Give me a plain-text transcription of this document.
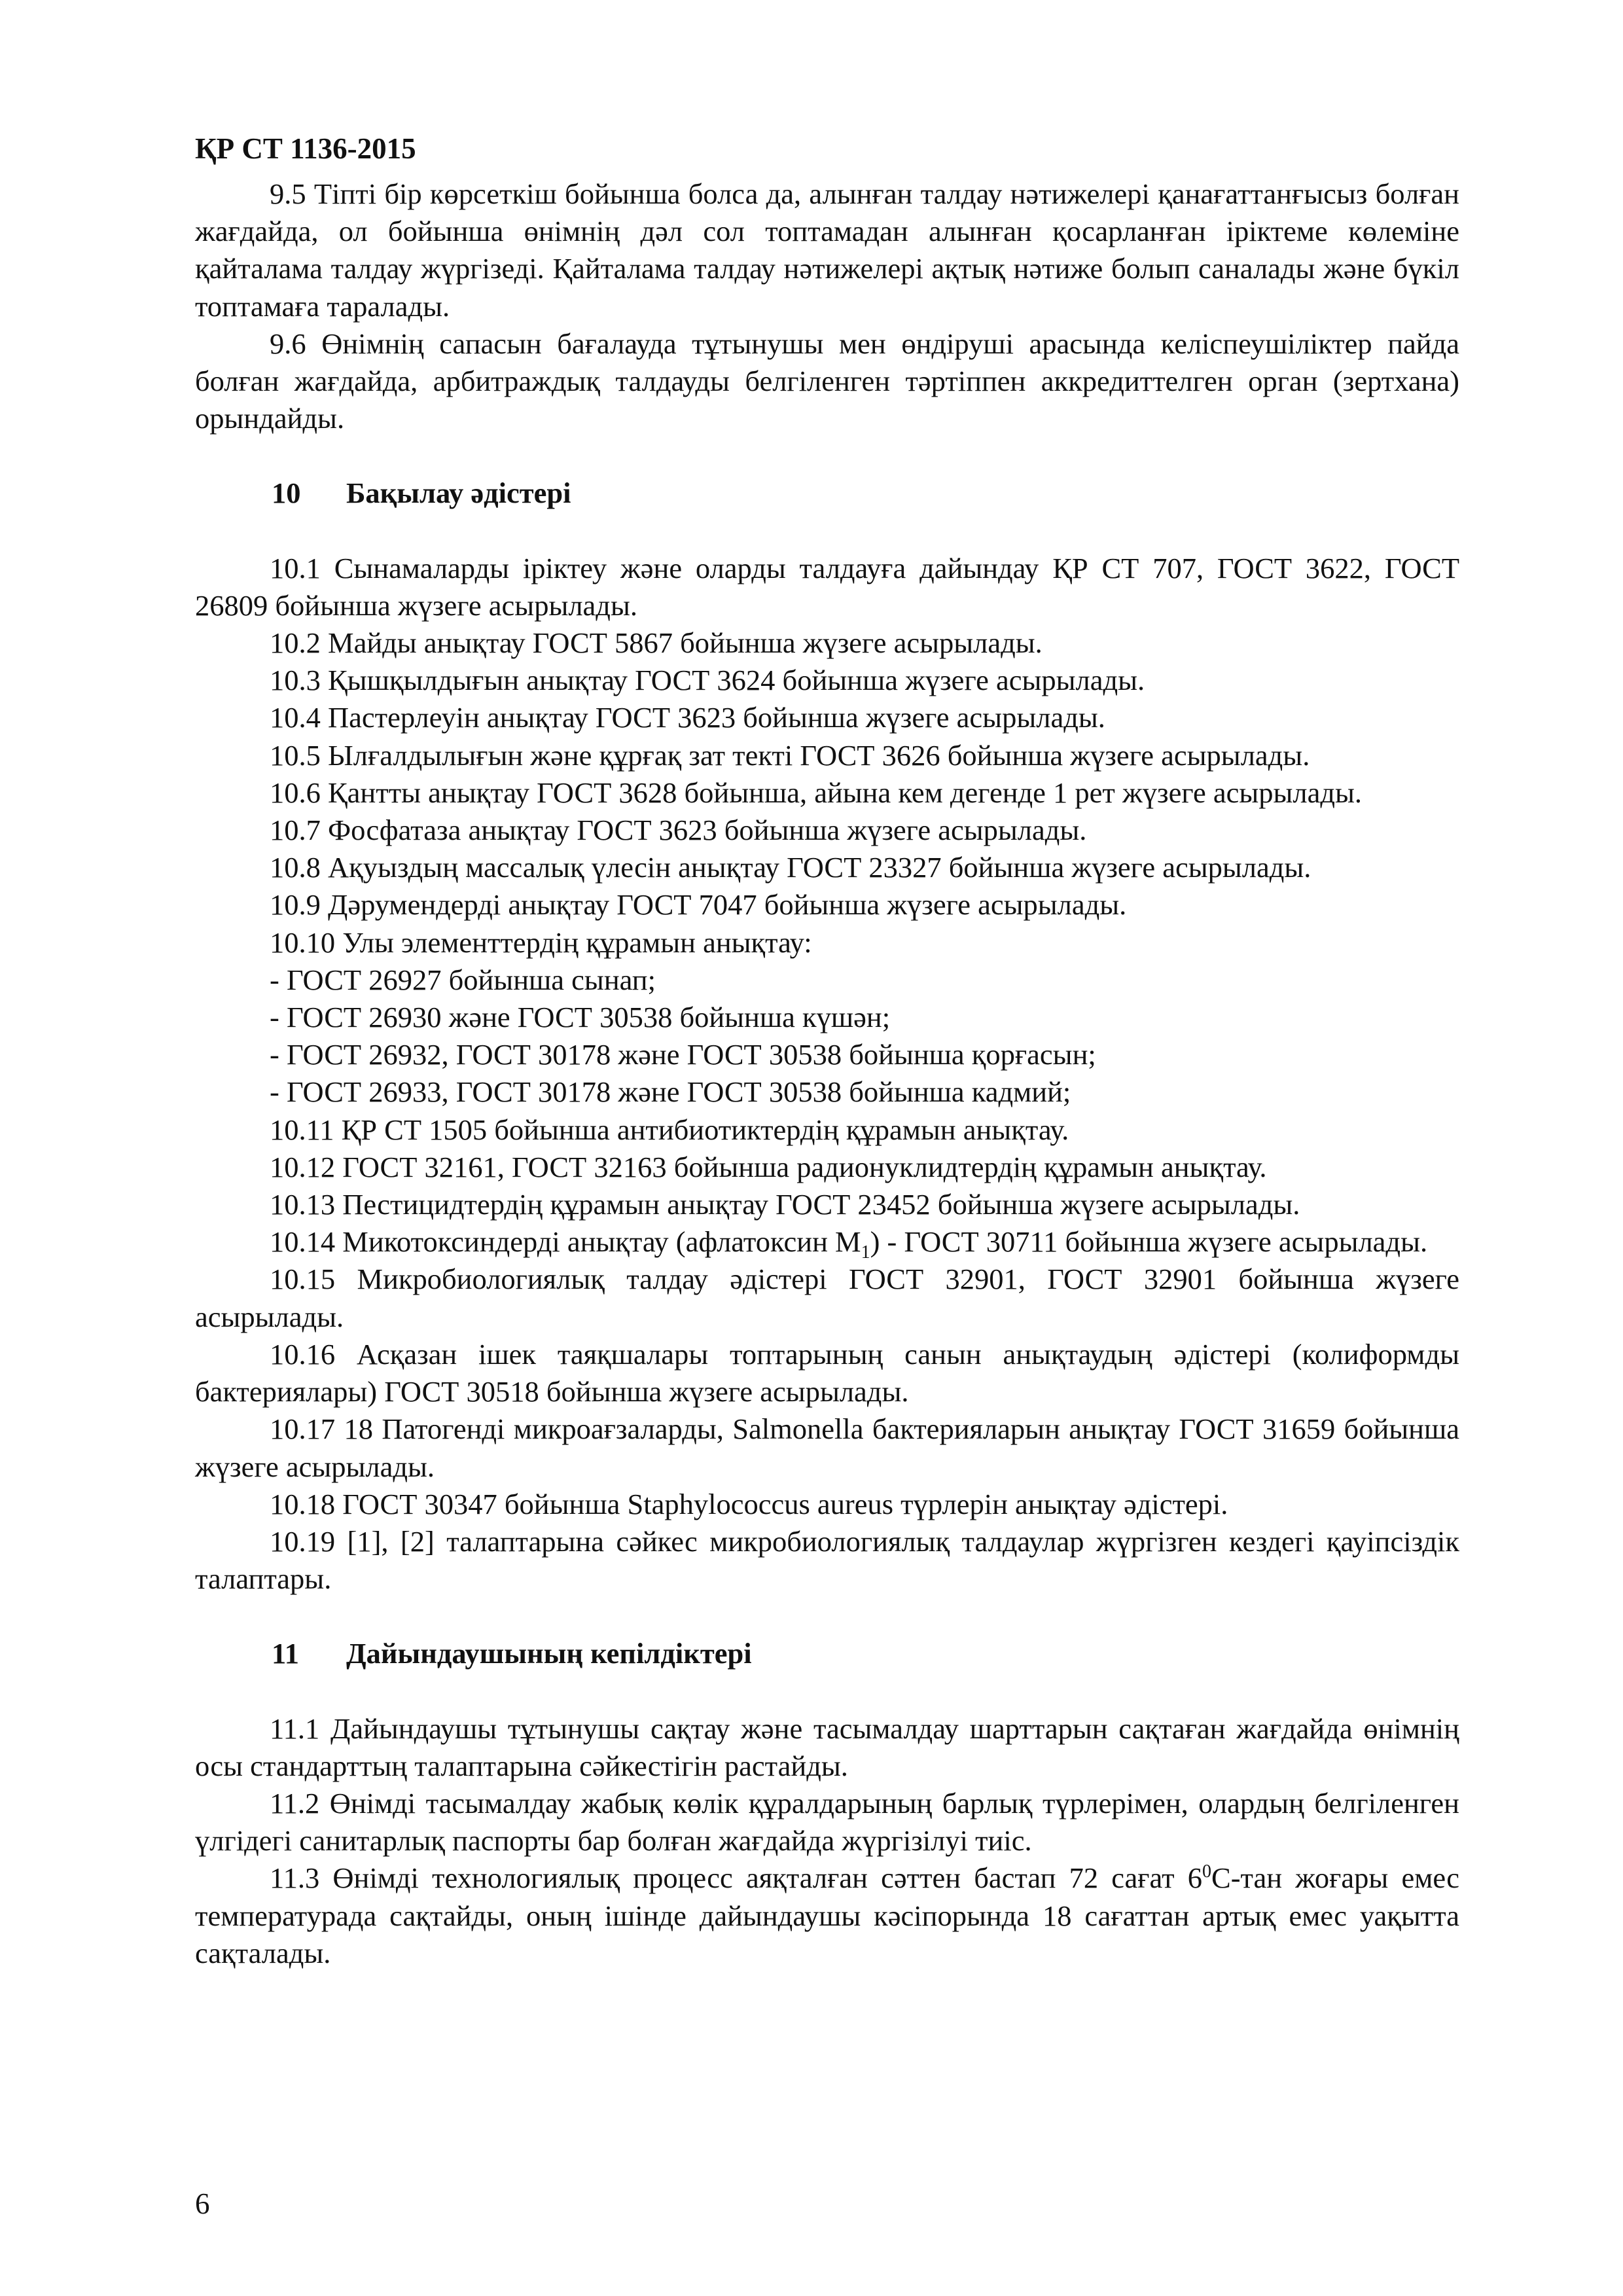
ҚР СТ 1136-2015

9.5 Тіпті бір көрсеткіш бойынша болса да, алынған талдау нәтижелері қанағаттанғысыз болған жағдайда, ол бойынша өнімнің дәл сол топтамадан алынған қосарланған іріктеме көлеміне қайталама талдау жүргізеді. Қайталама талдау нәтижелері ақтық нәтиже болып саналады және бүкіл топтамаға таралады.

9.6 Өнімнің сапасын бағалауда тұтынушы мен өндіруші арасында келіспеушіліктер пайда болған жағдайда, арбитраждық талдауды белгіленген тәртіппен аккредиттелген орган (зертхана) орындайды.

10 Бақылау әдістері

10.1 Сынамаларды іріктеу және оларды талдауға дайындау ҚР СТ 707, ГОСТ 3622, ГОСТ 26809 бойынша жүзеге асырылады.

10.2 Майды анықтау ГОСТ 5867 бойынша жүзеге асырылады.

10.3 Қышқылдығын анықтау ГОСТ 3624 бойынша жүзеге асырылады.

10.4 Пастерлеуін анықтау ГОСТ 3623 бойынша жүзеге асырылады.

10.5 Ылғалдылығын және құрғақ зат текті ГОСТ 3626 бойынша жүзеге асырылады.

10.6 Қантты анықтау ГОСТ 3628 бойынша, айына кем дегенде 1 рет жүзеге асырылады.

10.7 Фосфатаза анықтау ГОСТ 3623 бойынша жүзеге асырылады.

10.8 Ақуыздың массалық үлесін анықтау ГОСТ 23327 бойынша жүзеге асырылады.

10.9 Дәрумендерді анықтау ГОСТ 7047 бойынша жүзеге асырылады.

10.10 Улы элементтердің құрамын анықтау:

- ГОСТ 26927 бойынша сынап;

- ГОСТ 26930 және ГОСТ 30538 бойынша күшән;

- ГОСТ 26932, ГОСТ 30178 және ГОСТ 30538 бойынша қорғасын;

- ГОСТ 26933, ГОСТ 30178 және ГОСТ 30538 бойынша кадмий;

10.11 ҚР СТ 1505 бойынша антибиотиктердің құрамын анықтау.

10.12 ГОСТ 32161, ГОСТ 32163 бойынша радионуклидтердің құрамын анықтау.

10.13 Пестицидтердің құрамын анықтау ГОСТ 23452 бойынша жүзеге асырылады.

10.14 Микотоксиндерді анықтау (афлатоксин $М_1$) - ГОСТ 30711 бойынша жүзеге асырылады.

10.15 Микробиологиялық талдау әдістері ГОСТ 32901, ГОСТ 32901 бойынша жүзеге асырылады.

10.16 Асқазан ішек таяқшалары топтарының санын анықтаудың әдістері (колиформды бактериялары) ГОСТ 30518 бойынша жүзеге асырылады.

10.17 18 Патогенді микроағзаларды, Salmonella бактерияларын анықтау ГОСТ 31659 бойынша жүзеге асырылады.

10.18 ГОСТ 30347 бойынша Staphylococcus aureus түрлерін анықтау әдістері.

10.19 [1], [2] талаптарына сәйкес микробиологиялық талдаулар жүргізген кездегі қауіпсіздік талаптары.

11 Дайындаушының кепілдіктері

11.1 Дайындаушы тұтынушы сақтау және тасымалдау шарттарын сақтаған жағдайда өнімнің осы стандарттың талаптарына сәйкестігін растайды.

11.2 Өнімді тасымалдау жабық көлік құралдарының барлық түрлерімен, олардың белгіленген үлгідегі санитарлық паспорты бар болған жағдайда жүргізілуі тиіс.

11.3 Өнімді технологиялық процесс аяқталған сәттен бастап 72 сағат $6^0С$-тан жоғары емес температурада сақтайды, оның ішінде дайындаушы кәсіпорында 18 сағаттан артық емес уақытта сақталады.

6
